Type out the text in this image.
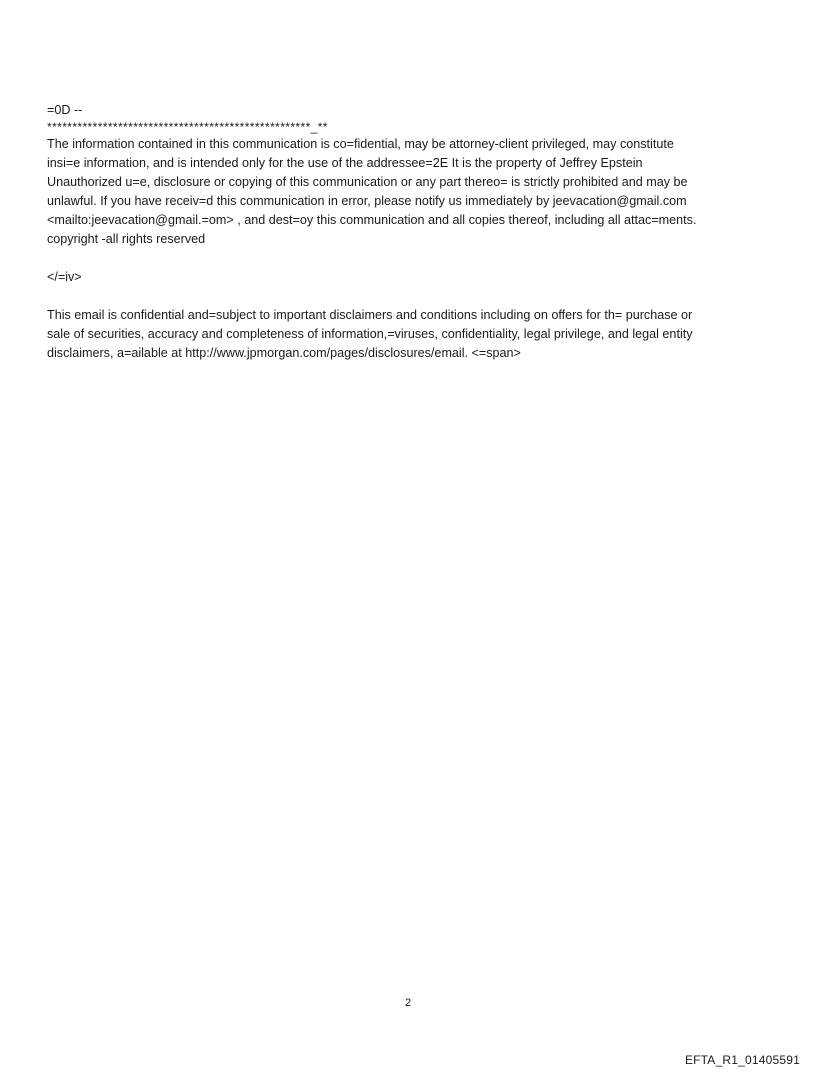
=0D --
****************************************************_**
The information contained in this communication is co=fidential, may be attorney-client privileged, may constitute
insi=e information, and is intended only for the use of the addressee=2E It is the property of Jeffrey Epstein
Unauthorized u=e, disclosure or copying of this communication or any part thereo= is strictly prohibited and may be
unlawful. If you have receiv=d this communication in error, please notify us immediately by jeevacation@gmail.com
<mailto:jeevacation@gmail.=om> , and dest=oy this communication and all copies thereof, including all attac=ments.
copyright -all rights reserved
</=iv>
This email is confidential and=subject to important disclaimers and conditions including on offers for th= purchase or
sale of securities, accuracy and completeness of information,=viruses, confidentiality, legal privilege, and legal entity
disclaimers, a=ailable at http://www.jpmorgan.com/pages/disclosures/email. <=span>
2
EFTA_R1_01405591
